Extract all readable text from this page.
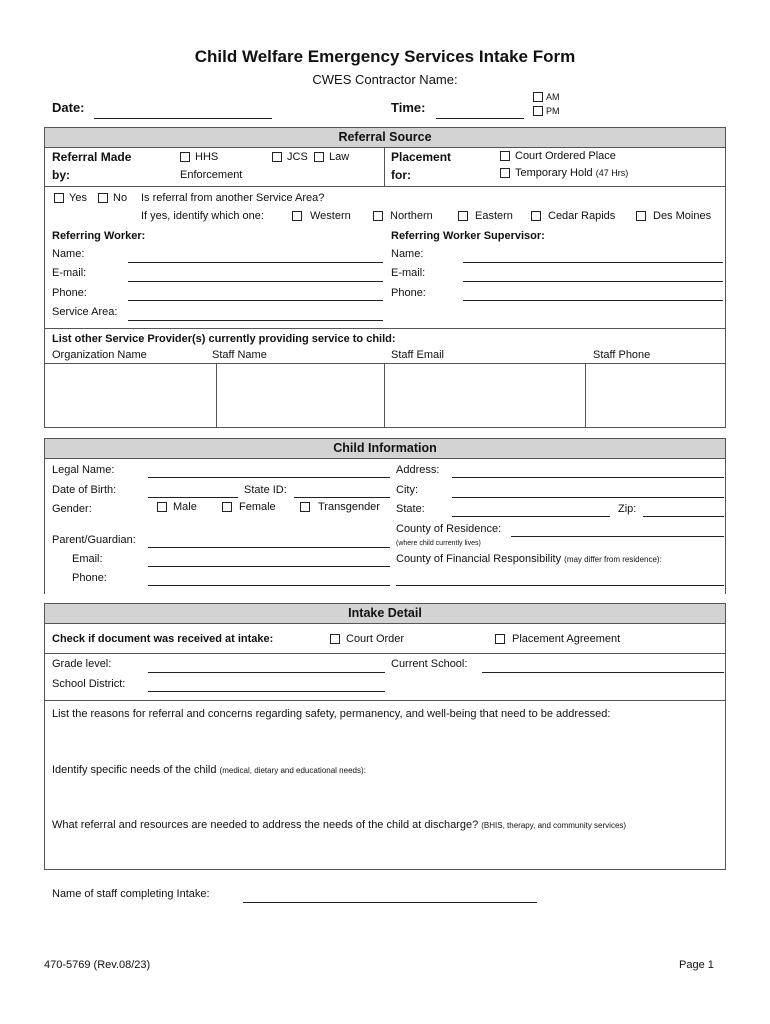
Child Welfare Emergency Services Intake Form
CWES Contractor Name:
Date:	Time:
AM
PM
Referral Source
Referral Made
by:
HHS	JCS Law
Enforcement
Placement
for:
Court Ordered Place
Temporary Hold (47 Hrs)
Yes No Is referral from another Service Area?
If yes, identify which one:	Western	Northern	Eastern	Cedar Rapids	Des Moines
Referring Worker:	Referring Worker Supervisor:
Name:
E-mail:
Phone:
Service Area:
Name:
E-mail:
Phone:
List other Service Provider(s) currently providing service to child:
Organization Name	Staff Name	Staff Email	Staff Phone
Child Information
Legal Name:
Date of Birth:	State ID:
Gender:	Male	Female	Transgender
Parent/Guardian:
Email:
Phone:
Address:
City:
State:	Zip:
County of Residence:
(where child currently lives)
County of Financial Responsibility (may differ from residence):
Intake Detail
Check if document was received at intake:	Court Order	Placement Agreement
Grade level:	Current School:
School District:
List the reasons for referral and concerns regarding safety, permanency, and well-being that need to be addressed:
Identify specific needs of the child (medical, dietary and educational needs):
What referral and resources are needed to address the needs of the child at discharge? (BHIS, therapy, and community services)
Name of staff completing Intake:
470-5769 (Rev.08/23)	Page 1
